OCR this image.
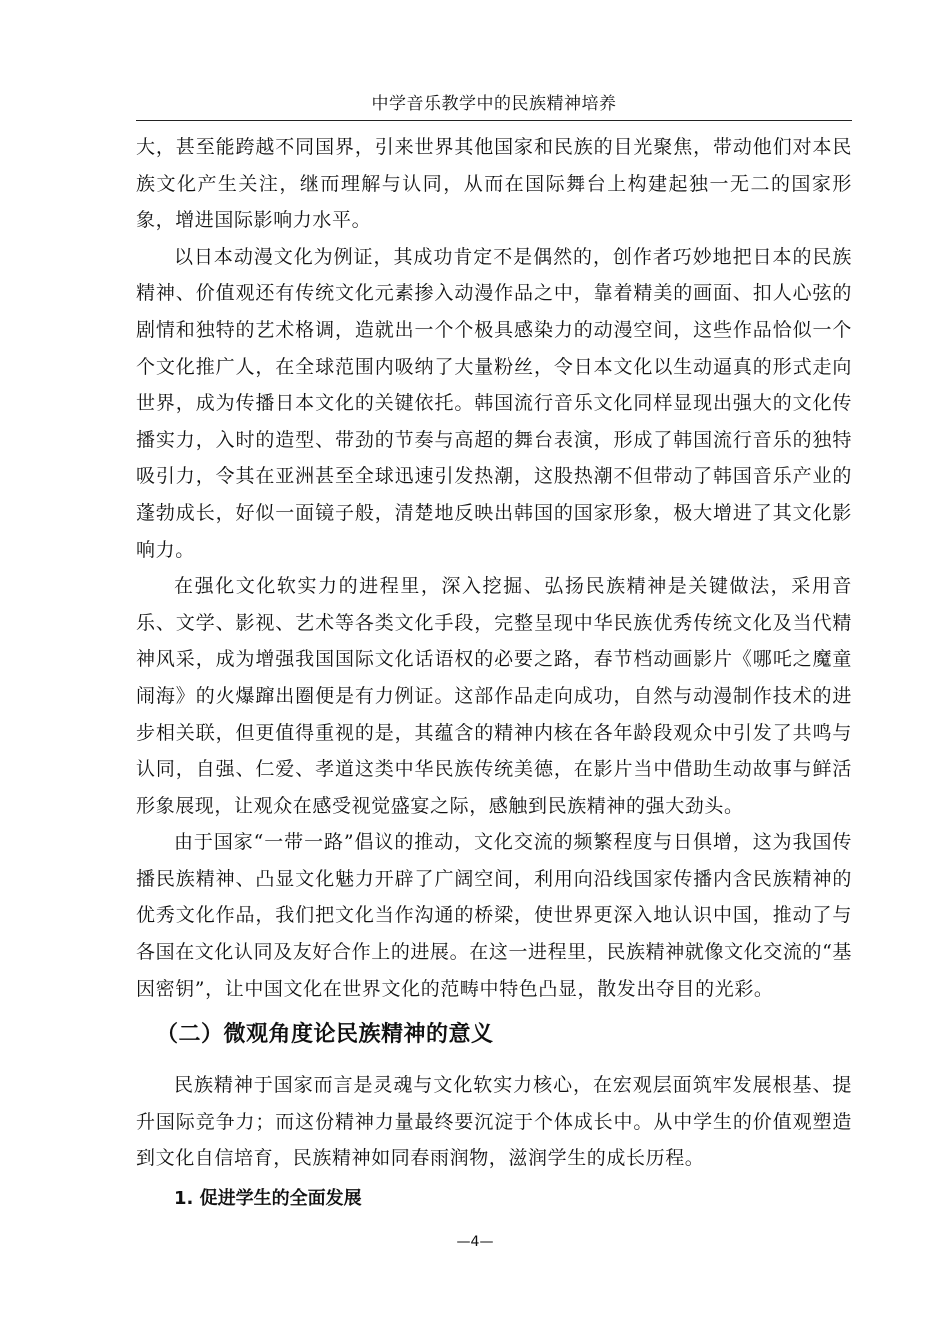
中学音乐教学中的民族精神培养

大，甚至能跨越不同国界，引来世界其他国家和民族的目光聚焦，带动他们对本民族文化产生关注，继而理解与认同，从而在国际舞台上构建起独一无二的国家形象，增进国际影响力水平。

以日本动漫文化为例证，其成功肯定不是偶然的，创作者巧妙地把日本的民族精神、价值观还有传统文化元素掺入动漫作品之中，靠着精美的画面、扣人心弦的剧情和独特的艺术格调，造就出一个个极具感染力的动漫空间，这些作品恰似一个个文化推广人，在全球范围内吸纳了大量粉丝，令日本文化以生动逼真的形式走向世界，成为传播日本文化的关键依托。韩国流行音乐文化同样显现出强大的文化传播实力，入时的造型、带劲的节奏与高超的舞台表演，形成了韩国流行音乐的独特吸引力，令其在亚洲甚至全球迅速引发热潮，这股热潮不但带动了韩国音乐产业的蓬勃成长，好似一面镜子般，清楚地反映出韩国的国家形象，极大增进了其文化影响力。

在强化文化软实力的进程里，深入挖掘、弘扬民族精神是关键做法，采用音乐、文学、影视、艺术等各类文化手段，完整呈现中华民族优秀传统文化及当代精神风采，成为增强我国国际文化话语权的必要之路，春节档动画影片《哪吒之魔童闹海》的火爆蹿出圈便是有力例证。这部作品走向成功，自然与动漫制作技术的进步相关联，但更值得重视的是，其蕴含的精神内核在各年龄段观众中引发了共鸣与认同，自强、仁爱、孝道这类中华民族传统美德，在影片当中借助生动故事与鲜活形象展现，让观众在感受视觉盛宴之际，感触到民族精神的强大劲头。

由于国家“一带一路”倡议的推动，文化交流的频繁程度与日俱增，这为我国传播民族精神、凸显文化魅力开辟了广阔空间，利用向沿线国家传播内含民族精神的优秀文化作品，我们把文化当作沟通的桥梁，使世界更深入地认识中国，推动了与各国在文化认同及友好合作上的进展。在这一进程里，民族精神就像文化交流的“基因密钥”，让中国文化在世界文化的范畴中特色凸显，散发出夺目的光彩。

（二）微观角度论民族精神的意义

民族精神于国家而言是灵魂与文化软实力核心，在宏观层面筑牢发展根基、提升国际竞争力；而这份精神力量最终要沉淀于个体成长中。从中学生的价值观塑造到文化自信培育，民族精神如同春雨润物，滋润学生的成长历程。

1. 促进学生的全面发展
—4—
